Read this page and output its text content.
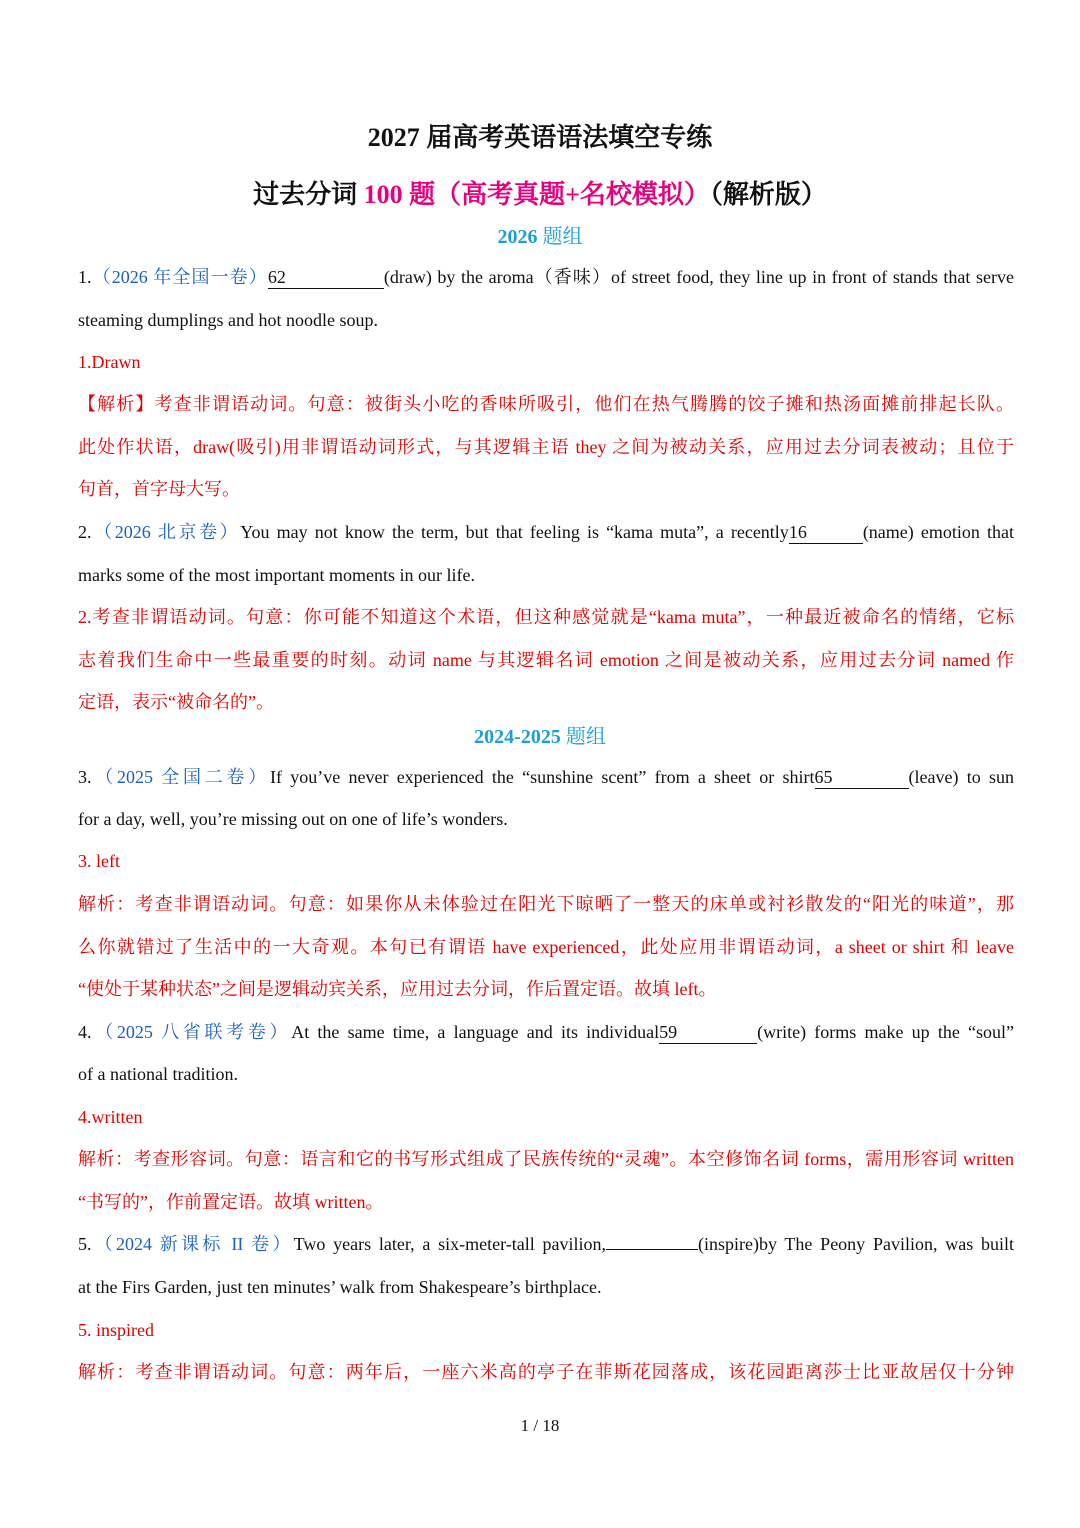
2027 届高考英语语法填空专练
过去分词 100 题（高考真题+名校模拟）（解析版）
2026 题组
1.（2026 年全国一卷）62	(draw) by the aroma（香味）of street food, they line up in front of stands that serve
steaming dumplings and hot noodle soup.
1.Drawn
【解析】考查非谓语动词。句意：被街头小吃的香味所吸引，他们在热气腾腾的饺子摊和热汤面摊前排起长队。
此处作状语，draw(吸引)用非谓语动词形式，与其逻辑主语 they 之间为被动关系，应用过去分词表被动；且位于
句首，首字母大写。
2.（2026 北京卷）You may not know the term, but that feeling is “kama muta”, a recently16	(name) emotion that
marks some of the most important moments in our life.
2.考查非谓语动词。句意：你可能不知道这个术语，但这种感觉就是“kama muta”，一种最近被命名的情绪，它标
志着我们生命中一些最重要的时刻。动词 name 与其逻辑名词 emotion 之间是被动关系，应用过去分词 named 作
定语，表示“被命名的”。
2024-2025 题组
3.（2025 全国二卷）If you’ve never experienced the “sunshine scent” from a sheet or shirt65	(leave) to sun
for a day, well, you’re missing out on one of life’s wonders.
3. left
解析：考查非谓语动词。句意：如果你从未体验过在阳光下晾晒了一整天的床单或衬衫散发的“阳光的味道”，那
么你就错过了生活中的一大奇观。本句已有谓语 have experienced，此处应用非谓语动词，a sheet or shirt 和 leave
“使处于某种状态”之间是逻辑动宾关系，应用过去分词，作后置定语。故填 left。
4.（2025 八省联考卷）At the same time, a language and its individual59	(write) forms make up the “soul”
of a national tradition.
4.written
解析：考查形容词。句意：语言和它的书写形式组成了民族传统的“灵魂”。本空修饰名词 forms，需用形容词 written
“书写的”，作前置定语。故填 written。
5.（2024 新课标 II 卷）Two years later, a six-meter-tall pavilion,	(inspire)by The Peony Pavilion, was built
at the Firs Garden, just ten minutes’ walk from Shakespeare’s birthplace.
5. inspired
解析：考查非谓语动词。句意：两年后，一座六米高的亭子在菲斯花园落成，该花园距离莎士比亚故居仅十分钟
1 / 18
